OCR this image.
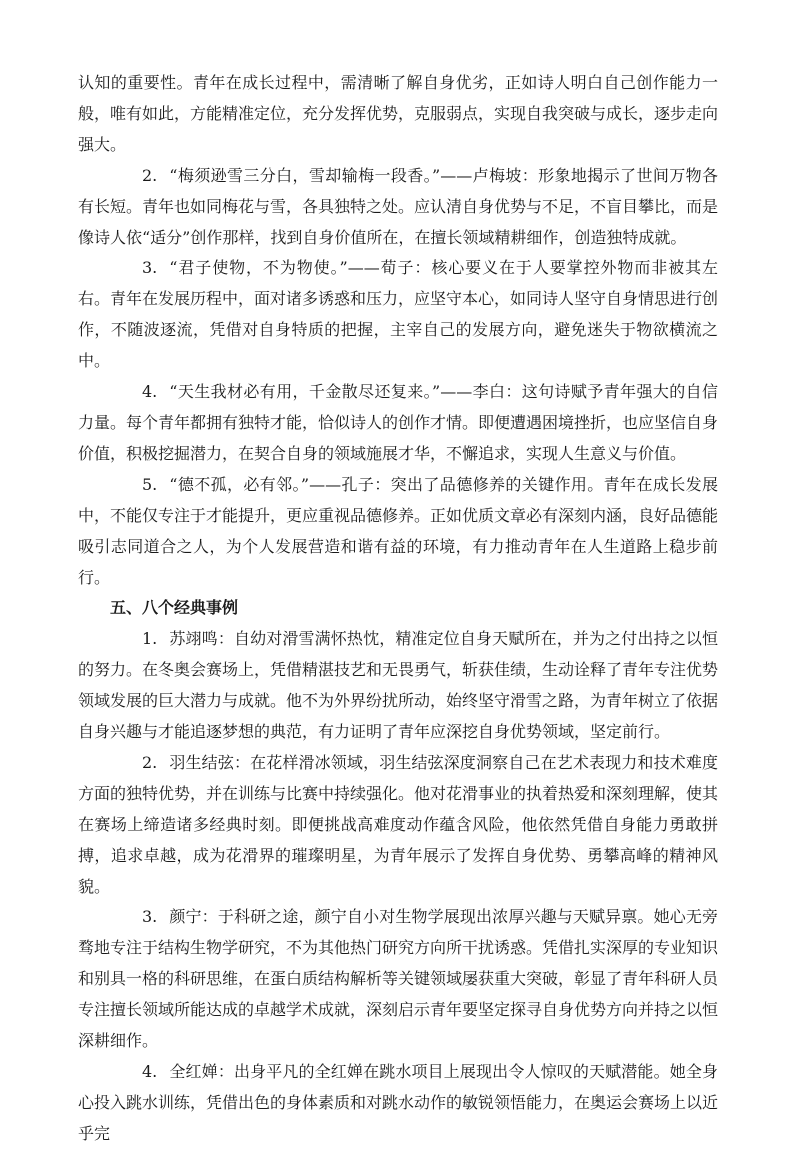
认知的重要性。青年在成长过程中，需清晰了解自身优劣，正如诗人明白自己创作能力一般，唯有如此，方能精准定位，充分发挥优势，克服弱点，实现自我突破与成长，逐步走向强大。

2. “梅须逊雪三分白，雪却输梅一段香。”——卢梅坡：形象地揭示了世间万物各有长短。青年也如同梅花与雪，各具独特之处。应认清自身优势与不足，不盲目攀比，而是像诗人依“适分”创作那样，找到自身价值所在，在擅长领域精耕细作，创造独特成就。

3. “君子使物，不为物使。”——荀子：核心要义在于人要掌控外物而非被其左右。青年在发展历程中，面对诸多诱惑和压力，应坚守本心，如同诗人坚守自身情思进行创作，不随波逐流，凭借对自身特质的把握，主宰自己的发展方向，避免迷失于物欲横流之中。

4. “天生我材必有用，千金散尽还复来。”——李白：这句诗赋予青年强大的自信力量。每个青年都拥有独特才能，恰似诗人的创作才情。即便遭遇困境挫折，也应坚信自身价值，积极挖掘潜力，在契合自身的领域施展才华，不懈追求，实现人生意义与价值。

5. “德不孤，必有邻。”——孔子：突出了品德修养的关键作用。青年在成长发展中，不能仅专注于才能提升，更应重视品德修养。正如优质文章必有深刻内涵，良好品德能吸引志同道合之人，为个人发展营造和谐有益的环境，有力推动青年在人生道路上稳步前行。

五、八个经典事例

1. 苏翊鸣：自幼对滑雪满怀热忱，精准定位自身天赋所在，并为之付出持之以恒的努力。在冬奥会赛场上，凭借精湛技艺和无畏勇气，斩获佳绩，生动诠释了青年专注优势领域发展的巨大潜力与成就。他不为外界纷扰所动，始终坚守滑雪之路，为青年树立了依据自身兴趣与才能追逐梦想的典范，有力证明了青年应深挖自身优势领域，坚定前行。

2. 羽生结弦：在花样滑冰领域，羽生结弦深度洞察自己在艺术表现力和技术难度方面的独特优势，并在训练与比赛中持续强化。他对花滑事业的执着热爱和深刻理解，使其在赛场上缔造诸多经典时刻。即便挑战高难度动作蕴含风险，他依然凭借自身能力勇敢拼搏，追求卓越，成为花滑界的璀璨明星，为青年展示了发挥自身优势、勇攀高峰的精神风貌。

3. 颜宁：于科研之途，颜宁自小对生物学展现出浓厚兴趣与天赋异禀。她心无旁骛地专注于结构生物学研究，不为其他热门研究方向所干扰诱惑。凭借扎实深厚的专业知识和别具一格的科研思维，在蛋白质结构解析等关键领域屡获重大突破，彰显了青年科研人员专注擅长领域所能达成的卓越学术成就，深刻启示青年要坚定探寻自身优势方向并持之以恒深耕细作。

4. 全红婵：出身平凡的全红婵在跳水项目上展现出令人惊叹的天赋潜能。她全身心投入跳水训练，凭借出色的身体素质和对跳水动作的敏锐领悟能力，在奥运会赛场上以近乎完
